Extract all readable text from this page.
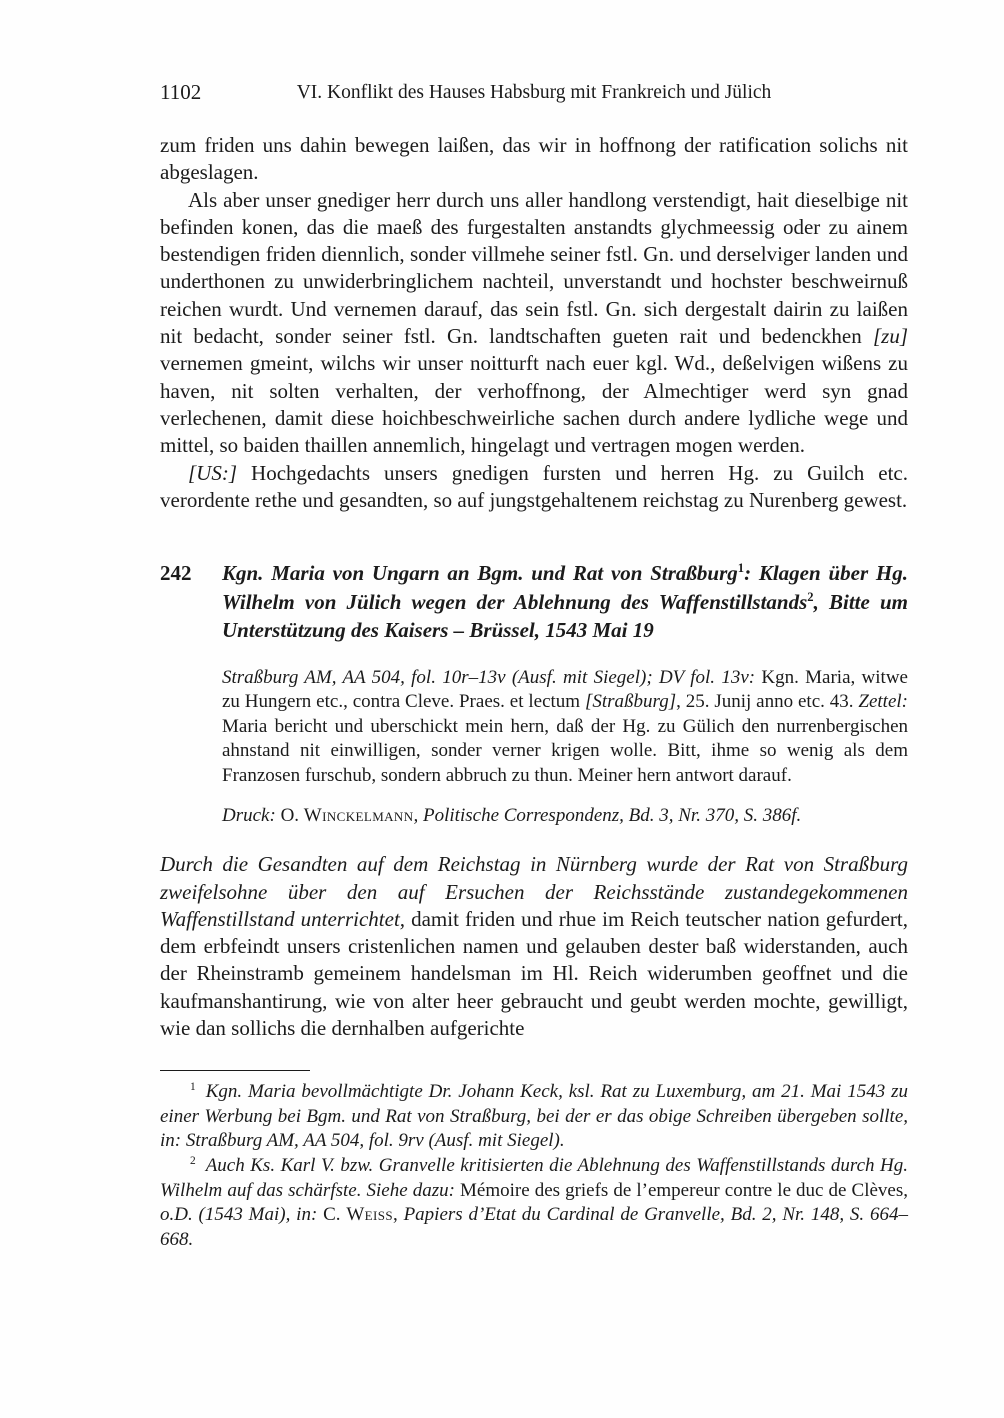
1102	VI. Konflikt des Hauses Habsburg mit Frankreich und Jülich

zum friden uns dahin bewegen laißen, das wir in hoffnong der ratification solichs nit abgeslagen.

Als aber unser gnediger herr durch uns aller handlong verstendigt, hait dieselbige nit befinden konen, das die maeß des furgestalten anstandts glychmeessig oder zu ainem bestendigen friden diennlich, sonder villmehe seiner fstl. Gn. und derselviger landen und underthonen zu unwiderbringlichem nachteil, unverstandt und hochster beschweirnuß reichen wurdt. Und vernemen darauf, das sein fstl. Gn. sich dergestalt dairin zu laißen nit bedacht, sonder seiner fstl. Gn. landtschaften gueten rait und bedenckhen [zu] vernemen gmeint, wilchs wir unser noitturft nach euer kgl. Wd., deßelvigen wißens zu haven, nit solten verhalten, der verhoffnong, der Almechtiger werd syn gnad verlechenen, damit diese hoichbeschweirliche sachen durch andere lydliche wege und mittel, so baiden thaillen annemlich, hingelagt und vertragen mogen werden.

[US:] Hochgedachts unsers gnedigen fursten und herren Hg. zu Guilch etc. verordente rethe und gesandten, so auf jungstgehaltenem reichstag zu Nurenberg gewest.

242	Kgn. Maria von Ungarn an Bgm. und Rat von Straßburg$^1$: Klagen über Hg. Wilhelm von Jülich wegen der Ablehnung des Waffenstillstands$^2$, Bitte um Unterstützung des Kaisers – Brüssel, 1543 Mai 19

Straßburg AM, AA 504, fol. 10r–13v (Ausf. mit Siegel); DV fol. 13v: Kgn. Maria, witwe zu Hungern etc., contra Cleve. Praes. et lectum [Straßburg], 25. Junij anno etc. 43. Zettel: Maria bericht und uberschickt mein hern, daß der Hg. zu Gülich den nurrenbergischen ahnstand nit einwilligen, sonder verner krigen wolle. Bitt, ihme so wenig als dem Franzosen furschub, sondern abbruch zu thun. Meiner hern antwort darauf.

Druck: O. Winckelmann, Politische Correspondenz, Bd. 3, Nr. 370, S. 386f.

Durch die Gesandten auf dem Reichstag in Nürnberg wurde der Rat von Straßburg zweifelsohne über den auf Ersuchen der Reichsstände zustandegekommenen Waffenstillstand unterrichtet, damit friden und rhue im Reich teutscher nation gefurdert, dem erbfeindt unsers cristenlichen namen und gelauben dester baß widerstanden, auch der Rheinstramb gemeinem handelsman im Hl. Reich widerumben geoffnet und die kaufmanshantirung, wie von alter heer gebraucht und geubt werden mochte, gewilligt, wie dan sollichs die dernhalben aufgerichte

$^1$ Kgn. Maria bevollmächtigte Dr. Johann Keck, ksl. Rat zu Luxemburg, am 21. Mai 1543 zu einer Werbung bei Bgm. und Rat von Straßburg, bei der er das obige Schreiben übergeben sollte, in: Straßburg AM, AA 504, fol. 9rv (Ausf. mit Siegel).

$^2$ Auch Ks. Karl V. bzw. Granvelle kritisierten die Ablehnung des Waffenstillstands durch Hg. Wilhelm auf das schärfste. Siehe dazu: Mémoire des griefs de l’empereur contre le duc de Clèves, o.D. (1543 Mai), in: C. Weiss, Papiers d’Etat du Cardinal de Granvelle, Bd. 2, Nr. 148, S. 664–668.
